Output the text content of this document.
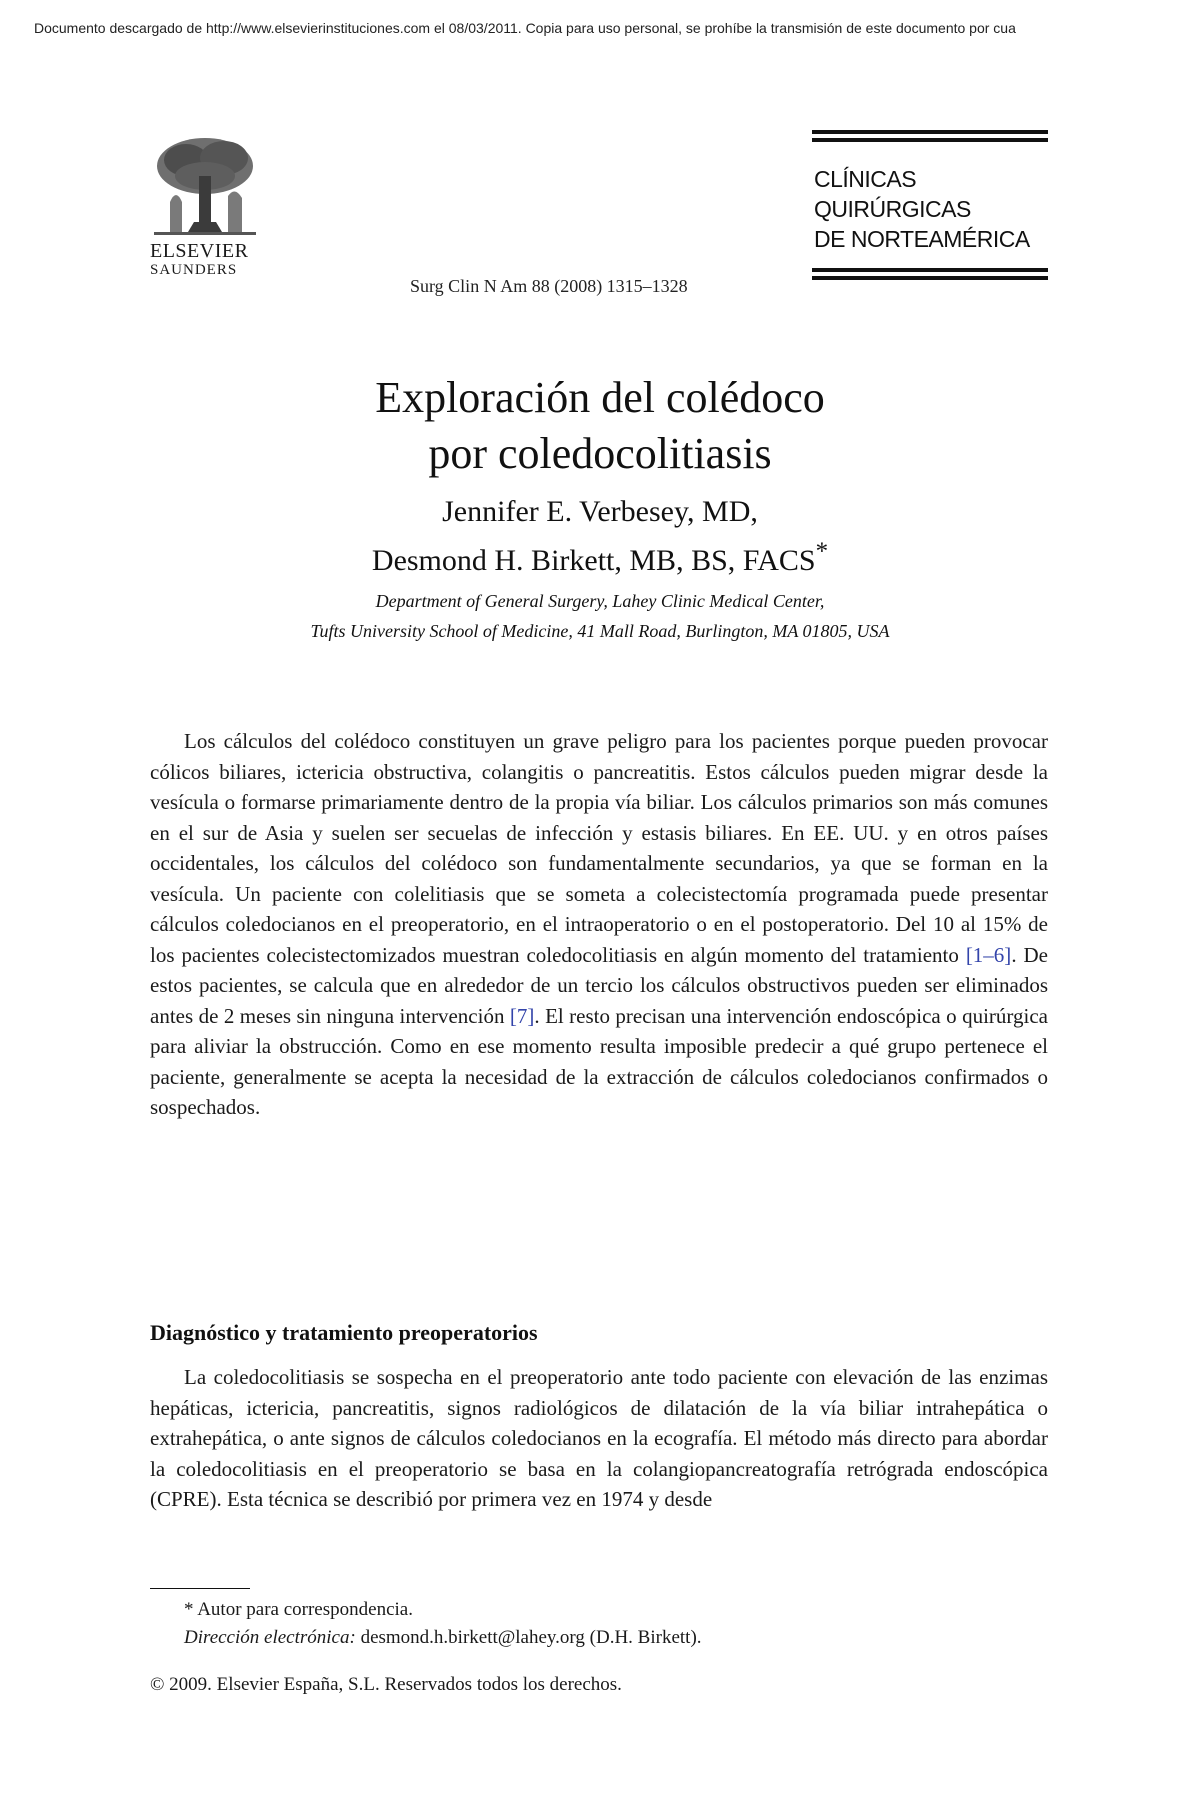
Documento descargado de http://www.elsevierinstituciones.com el 08/03/2011. Copia para uso personal, se prohíbe la transmisión de este documento por cua
ELSEVIER
SAUNDERS
Surg Clin N Am 88 (2008) 1315–1328
CLÍNICAS
QUIRÚRGICAS
DE NORTEAMÉRICA
Exploración del colédoco
por coledocolitiasis
Jennifer E. Verbesey, MD,
Desmond H. Birkett, MB, BS, FACS*
Department of General Surgery, Lahey Clinic Medical Center,
Tufts University School of Medicine, 41 Mall Road, Burlington, MA 01805, USA
Los cálculos del colédoco constituyen un grave peligro para los pacientes porque pueden provocar cólicos biliares, ictericia obstructiva, colangitis o pancreatitis. Estos cálculos pueden migrar desde la vesícula o formarse primariamente dentro de la propia vía biliar. Los cálculos primarios son más comunes en el sur de Asia y suelen ser secuelas de infección y estasis biliares. En EE. UU. y en otros países occidentales, los cálculos del colédoco son fundamentalmente secundarios, ya que se forman en la vesícula. Un paciente con colelitiasis que se someta a colecistectomía programada puede presentar cálculos coledocianos en el preoperatorio, en el intraoperatorio o en el postoperatorio. Del 10 al 15% de los pacientes colecistectomizados muestran coledocolitiasis en algún momento del tratamiento [1–6]. De estos pacientes, se calcula que en alrededor de un tercio los cálculos obstructivos pueden ser eliminados antes de 2 meses sin ninguna intervención [7]. El resto precisan una intervención endoscópica o quirúrgica para aliviar la obstrucción. Como en ese momento resulta imposible predecir a qué grupo pertenece el paciente, generalmente se acepta la necesidad de la extracción de cálculos coledocianos confirmados o sospechados.
Diagnóstico y tratamiento preoperatorios
La coledocolitiasis se sospecha en el preoperatorio ante todo paciente con elevación de las enzimas hepáticas, ictericia, pancreatitis, signos radiológicos de dilatación de la vía biliar intrahepática o extrahepática, o ante signos de cálculos coledocianos en la ecografía. El método más directo para abordar la coledocolitiasis en el preoperatorio se basa en la colangiopancreatografía retrógrada endoscópica (CPRE). Esta técnica se describió por primera vez en 1974 y desde
* Autor para correspondencia.
Dirección electrónica: desmond.h.birkett@lahey.org (D.H. Birkett).
© 2009. Elsevier España, S.L. Reservados todos los derechos.
